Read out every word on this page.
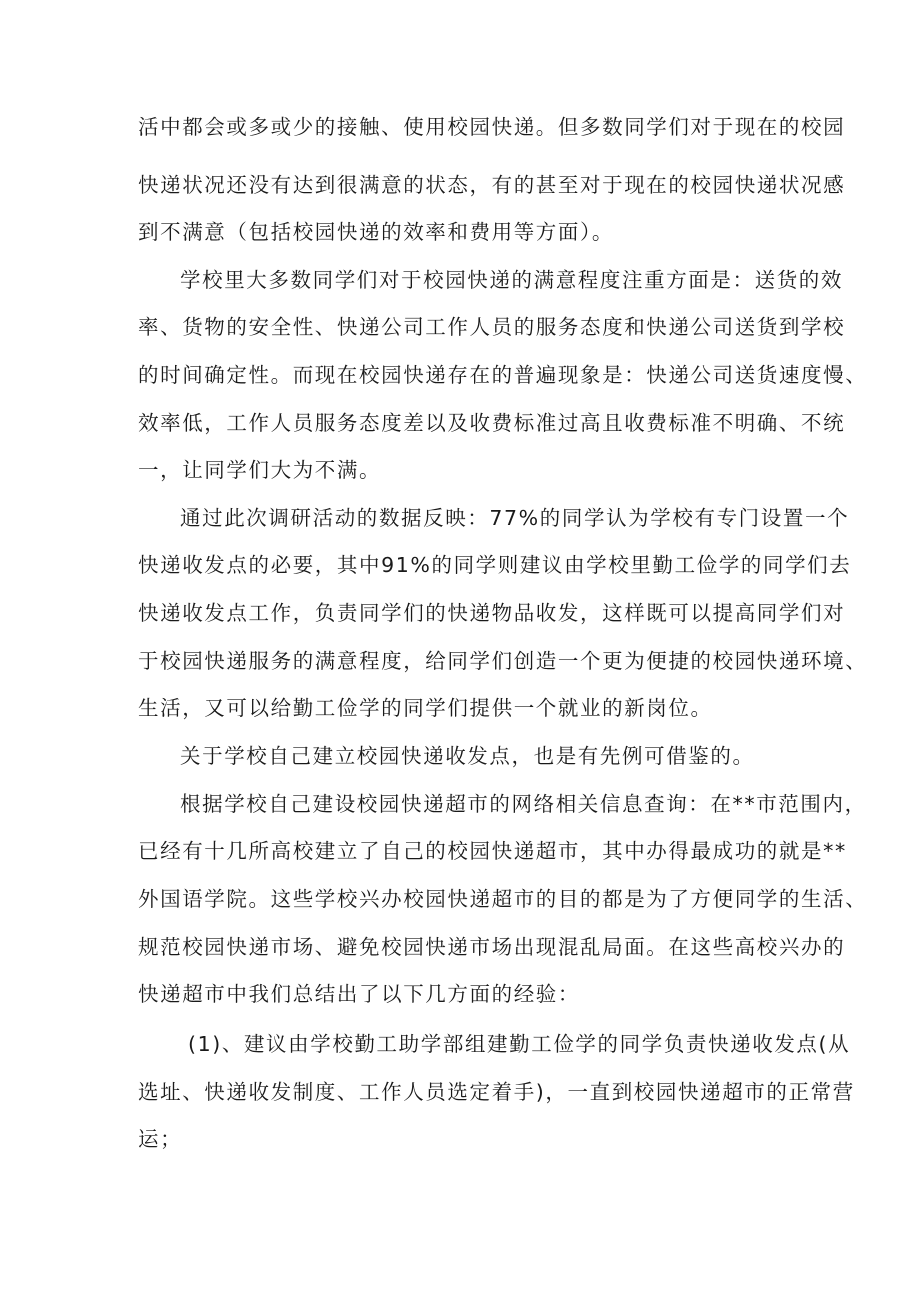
活中都会或多或少的接触、使用校园快递。但多数同学们对于现在的校园
快递状况还没有达到很满意的状态，有的甚至对于现在的校园快递状况感
到不满意（包括校园快递的效率和费用等方面）。
学校里大多数同学们对于校园快递的满意程度注重方面是：送货的效
率、货物的安全性、快递公司工作人员的服务态度和快递公司送货到学校
的时间确定性。而现在校园快递存在的普遍现象是：快递公司送货速度慢、
效率低，工作人员服务态度差以及收费标准过高且收费标准不明确、不统
一，让同学们大为不满。
通过此次调研活动的数据反映：77%的同学认为学校有专门设置一个
快递收发点的必要，其中91%的同学则建议由学校里勤工俭学的同学们去
快递收发点工作，负责同学们的快递物品收发，这样既可以提高同学们对
于校园快递服务的满意程度，给同学们创造一个更为便捷的校园快递环境、
生活，又可以给勤工俭学的同学们提供一个就业的新岗位。
关于学校自己建立校园快递收发点，也是有先例可借鉴的。
根据学校自己建设校园快递超市的网络相关信息查询：在**市范围内，
已经有十几所高校建立了自己的校园快递超市，其中办得最成功的就是**
外国语学院。这些学校兴办校园快递超市的目的都是为了方便同学的生活、
规范校园快递市场、避免校园快递市场出现混乱局面。在这些高校兴办的
快递超市中我们总结出了以下几方面的经验：
(1)、建议由学校勤工助学部组建勤工俭学的同学负责快递收发点(从
选址、快递收发制度、工作人员选定着手)，一直到校园快递超市的正常营
运；
